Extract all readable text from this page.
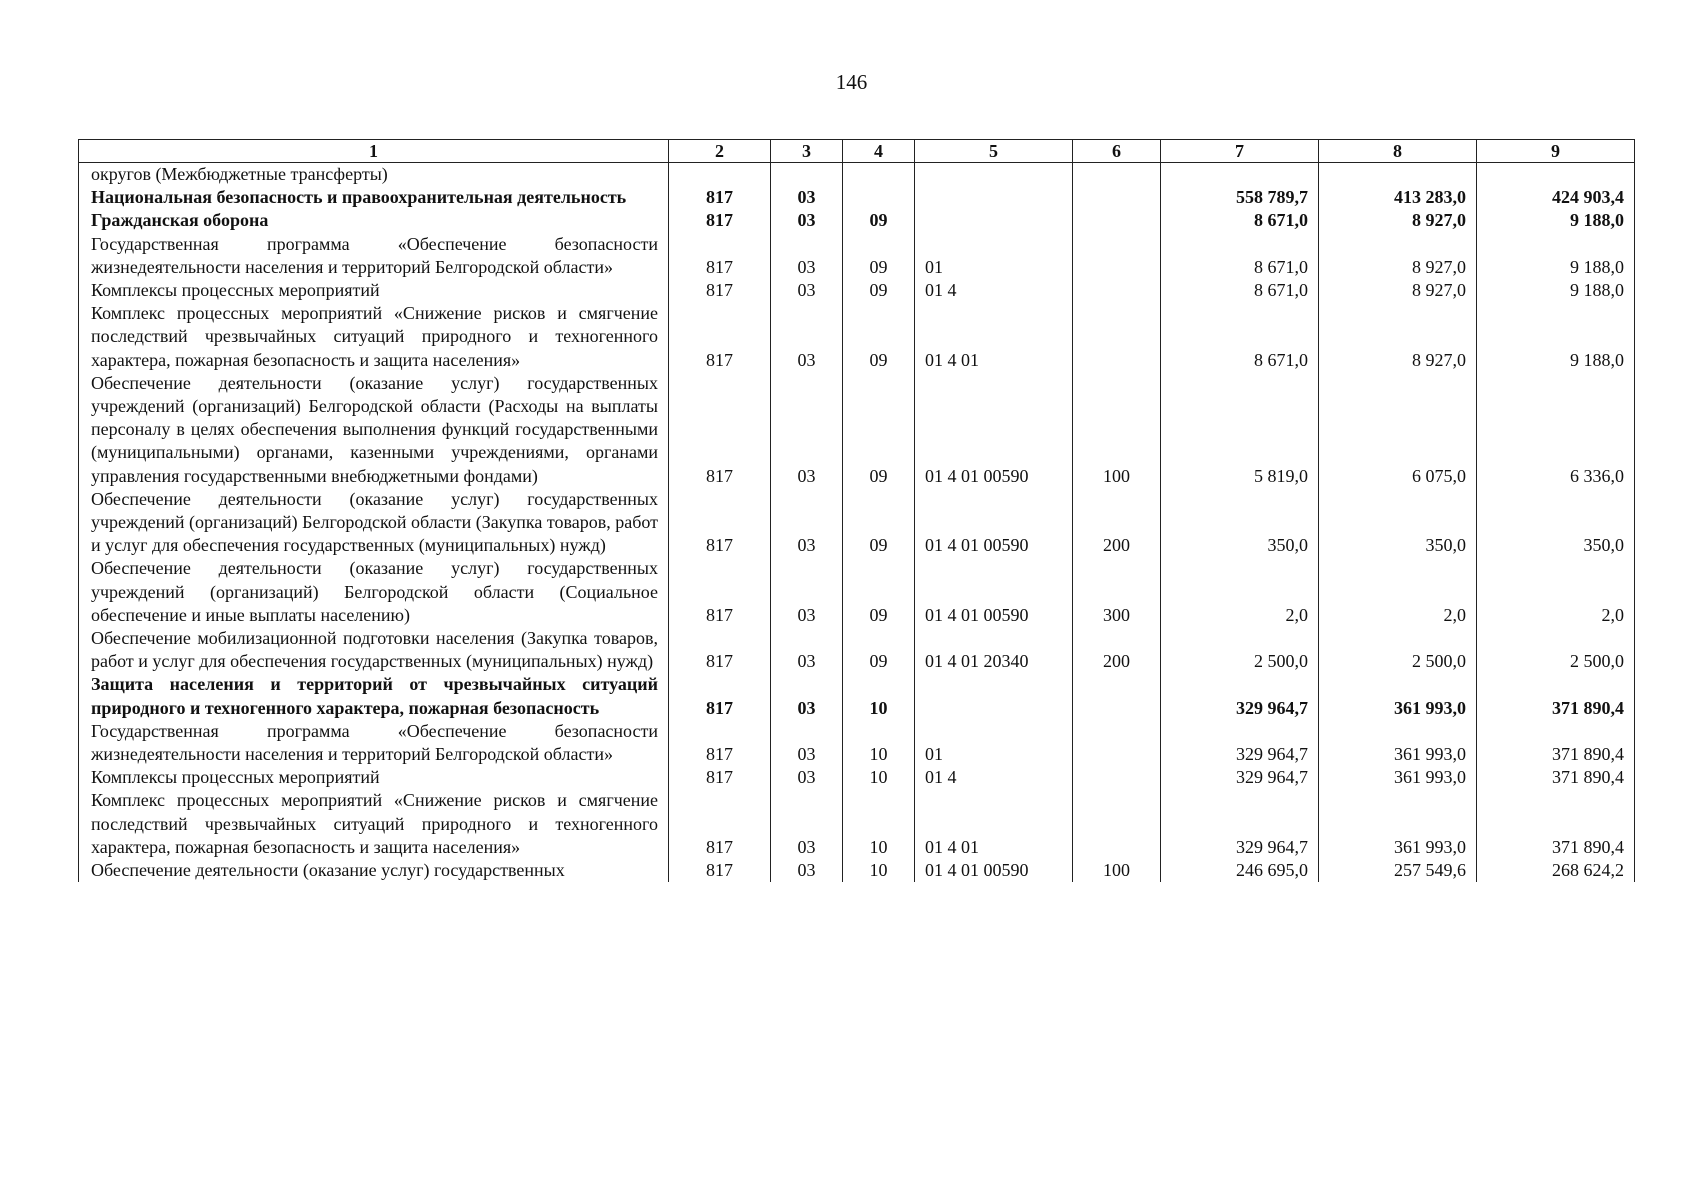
146
1	2	3	4	5	6	7	8	9
округов (Межбюджетные трансферты)								
Национальная безопасность и правоохранительная деятельность	817	03				558 789,7	413 283,0	424 903,4
Гражданская оборона	817	03	09			8 671,0	8 927,0	9 188,0
Государственная программа «Обеспечение безопасности жизнедеятельности населения и территорий Белгородской области»	817	03	09	01		8 671,0	8 927,0	9 188,0
Комплексы процессных мероприятий	817	03	09	01 4		8 671,0	8 927,0	9 188,0
Комплекс процессных мероприятий «Снижение рисков и смягчение последствий чрезвычайных ситуаций природного и техногенного характера, пожарная безопасность и защита населения»	817	03	09	01 4 01		8 671,0	8 927,0	9 188,0
Обеспечение деятельности (оказание услуг) государственных учреждений (организаций) Белгородской области (Расходы на выплаты персоналу в целях обеспечения выполнения функций государственными (муниципальными) органами, казенными учреждениями, органами управления государственными внебюджетными фондами)	817	03	09	01 4 01 00590	100	5 819,0	6 075,0	6 336,0
Обеспечение деятельности (оказание услуг) государственных учреждений (организаций) Белгородской области (Закупка товаров, работ и услуг для обеспечения государственных (муниципальных) нужд)	817	03	09	01 4 01 00590	200	350,0	350,0	350,0
Обеспечение деятельности (оказание услуг) государственных учреждений (организаций) Белгородской области (Социальное обеспечение и иные выплаты населению)	817	03	09	01 4 01 00590	300	2,0	2,0	2,0
Обеспечение мобилизационной подготовки населения (Закупка товаров, работ и услуг для обеспечения государственных (муниципальных) нужд)	817	03	09	01 4 01 20340	200	2 500,0	2 500,0	2 500,0
Защита населения и территорий от чрезвычайных ситуаций природного и техногенного характера, пожарная безопасность	817	03	10			329 964,7	361 993,0	371 890,4
Государственная программа «Обеспечение безопасности жизнедеятельности населения и территорий Белгородской области»	817	03	10	01		329 964,7	361 993,0	371 890,4
Комплексы процессных мероприятий	817	03	10	01 4		329 964,7	361 993,0	371 890,4
Комплекс процессных мероприятий «Снижение рисков и смягчение последствий чрезвычайных ситуаций природного и техногенного характера, пожарная безопасность и защита населения»	817	03	10	01 4 01		329 964,7	361 993,0	371 890,4
Обеспечение деятельности (оказание услуг) государственных	817	03	10	01 4 01 00590	100	246 695,0	257 549,6	268 624,2
